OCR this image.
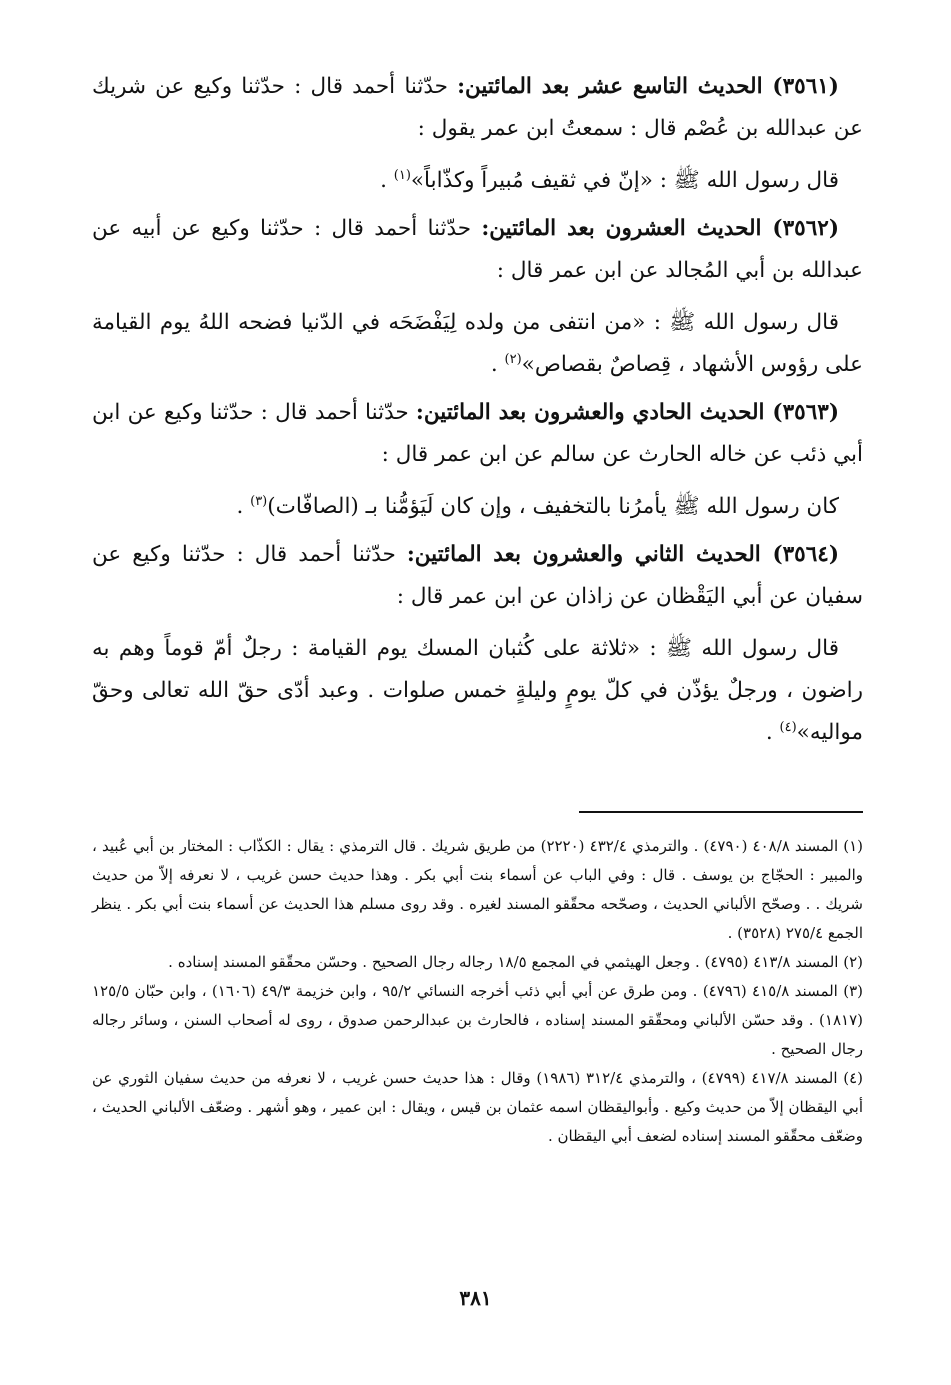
(٣٥٦١) الحديث التاسع عشر بعد المائتين: حدّثنا أحمد قال : حدّثنا وكيع عن شريك عن عبدالله بن عُصْم قال : سمعتُ ابن عمر يقول :

قال رسول الله ﷺ : «إنّ في ثقيف مُبيراً وكذّاباً»$^{(١)}$ .

(٣٥٦٢) الحديث العشرون بعد المائتين: حدّثنا أحمد قال : حدّثنا وكيع عن أبيه عن عبدالله بن أبي المُجالد عن ابن عمر قال :

قال رسول الله ﷺ : «من انتفى من ولده لِيَفْضَحَه في الدّنيا فضحه اللهُ يوم القيامة على رؤوس الأشهاد ، قِصاصٌ بقصاص»$^{(٢)}$ .

(٣٥٦٣) الحديث الحادي والعشرون بعد المائتين: حدّثنا أحمد قال : حدّثنا وكيع عن ابن أبي ذئب عن خاله الحارث عن سالم عن ابن عمر قال :

كان رسول الله ﷺ يأمرُنا بالتخفيف ، وإن كان لَيَؤمُّنا بـ (الصافّات)$^{(٣)}$ .

(٣٥٦٤) الحديث الثاني والعشرون بعد المائتين: حدّثنا أحمد قال : حدّثنا وكيع عن سفيان عن أبي اليَقْظان عن زاذان عن ابن عمر قال :

قال رسول الله ﷺ : «ثلاثة على كُثبان المسك يوم القيامة : رجلٌ أمّ قوماً وهم به راضون ، ورجلٌ يؤذّن في كلّ يومٍ وليلةٍ خمس صلوات . وعبد أدّى حقّ الله تعالى وحقّ مواليه»$^{(٤)}$ .

(١) المسند ٤٠٨/٨ (٤٧٩٠) . والترمذي ٤٣٢/٤ (٢٢٢٠) من طريق شريك . قال الترمذي : يقال : الكذّاب : المختار بن أبي عُبيد ، والمبير : الحجّاج بن يوسف . قال : وفي الباب عن أسماء بنت أبي بكر . وهذا حديث حسن غريب ، لا نعرفه إلاّ من حديث شريك . . وصحّح الألباني الحديث ، وصحّحه محقّقو المسند لغيره . وقد روى مسلم هذا الحديث عن أسماء بنت أبي بكر . ينظر الجمع ٢٧٥/٤ (٣٥٢٨) .

(٢) المسند ٤١٣/٨ (٤٧٩٥) . وجعل الهيثمي في المجمع ١٨/٥ رجاله رجال الصحيح . وحسّن محقّقو المسند إسناده .

(٣) المسند ٤١٥/٨ (٤٧٩٦) . ومن طرق عن أبي أبي ذئب أخرجه النسائي ٩٥/٢ ، وابن خزيمة ٤٩/٣ (١٦٠٦) ، وابن حبّان ١٢٥/٥ (١٨١٧) . وقد حسّن الألباني ومحقّقو المسند إسناده ، فالحارث بن عبدالرحمن صدوق ، روى له أصحاب السنن ، وسائر رجاله رجال الصحيح .

(٤) المسند ٤١٧/٨ (٤٧٩٩) ، والترمذي ٣١٢/٤ (١٩٨٦) وقال : هذا حديث حسن غريب ، لا نعرفه من حديث سفيان الثوري عن أبي اليقظان إلاّ من حديث وكيع . وأبواليقظان اسمه عثمان بن قيس ، ويقال : ابن عمير ، وهو أشهر . وضعّف الألباني الحديث ، وضعّف محقّقو المسند إسناده لضعف أبي اليقظان .

٣٨١
